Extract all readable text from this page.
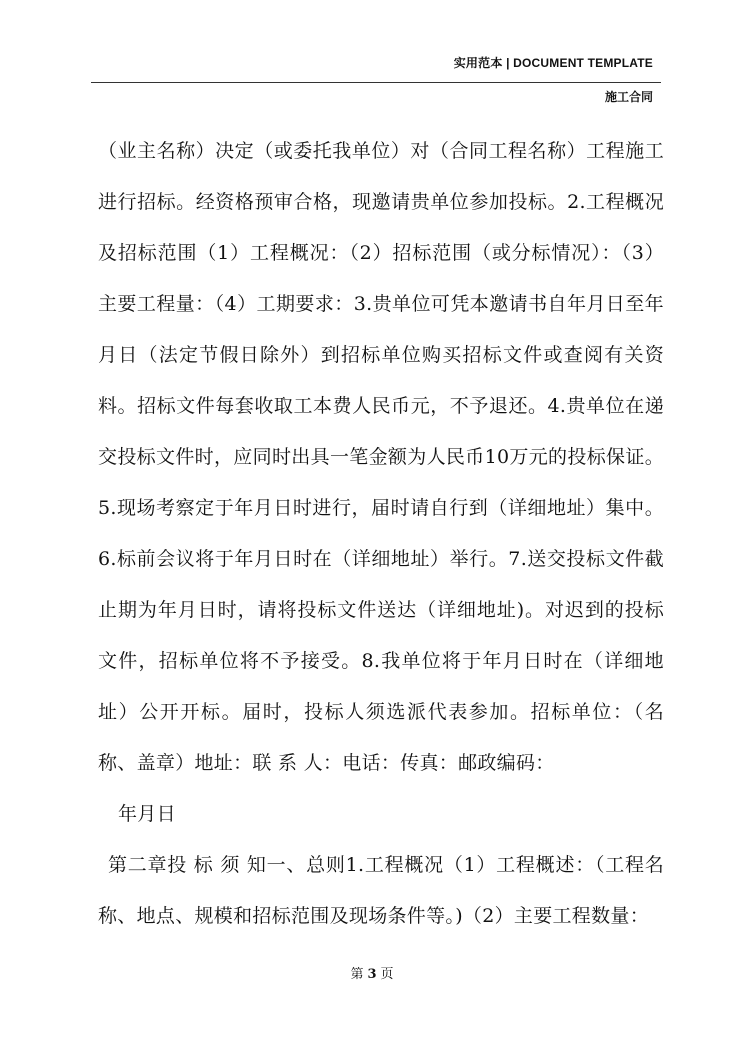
实用范本 | DOCUMENT TEMPLATE
施工合同

（业主名称）决定（或委托我单位）对（合同工程名称）工程施工进行招标。经资格预审合格，现邀请贵单位参加投标。2.工程概况及招标范围（1）工程概况：（2）招标范围（或分标情况）：（3）主要工程量：（4）工期要求：3.贵单位可凭本邀请书自年月日至年月日（法定节假日除外）到招标单位购买招标文件或查阅有关资料。招标文件每套收取工本费人民币元，不予退还。4.贵单位在递交投标文件时，应同时出具一笔金额为人民币10万元的投标保证。5.现场考察定于年月日时进行，届时请自行到（详细地址）集中。6.标前会议将于年月日时在（详细地址）举行。7.送交投标文件截止期为年月日时，请将投标文件送达（详细地址)。对迟到的投标文件，招标单位将不予接受。8.我单位将于年月日时在（详细地址）公开开标。届时，投标人须选派代表参加。招标单位：（名称、盖章）地址：联 系 人：电话：传真：邮政编码：

年月日

第二章投 标 须 知一、总则1.工程概况（1）工程概述：（工程名称、地点、规模和招标范围及现场条件等。)（2）主要工程数量：

第 3 页
